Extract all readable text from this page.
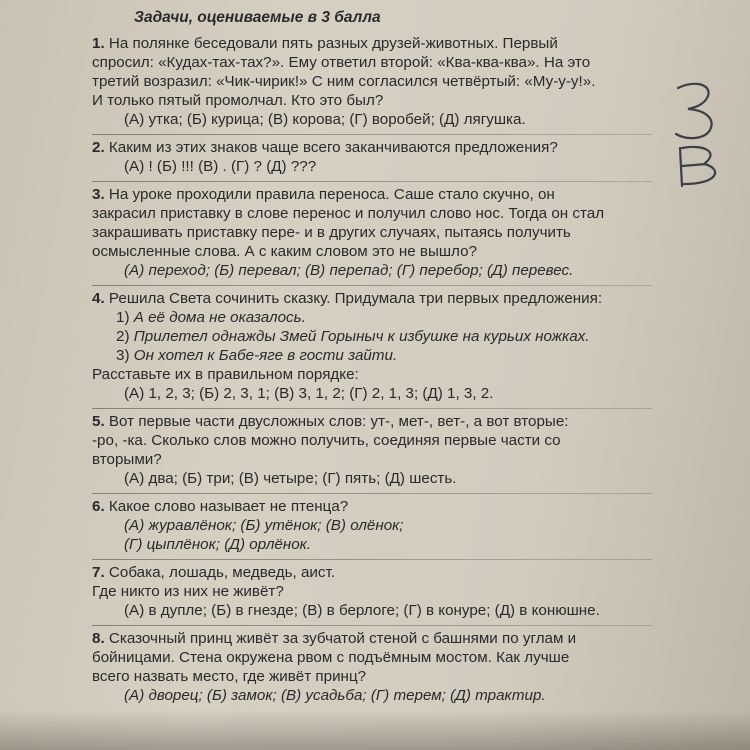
Задачи, оцениваемые в 3 балла
1. На полянке беседовали пять разных друзей-животных. Первый
спросил: «Кудах-тах-тах?». Ему ответил второй: «Ква-ква-ква». На это
третий возразил: «Чик-чирик!» С ним согласился четвёртый: «Му-у-у!».
И только пятый промолчал. Кто это был?
(А) утка; (Б) курица; (В) корова; (Г) воробей; (Д) лягушка.
2. Каким из этих знаков чаще всего заканчиваются предложения?
(А) ! (Б) !!! (В) . (Г) ? (Д) ???
3. На уроке проходили правила переноса. Саше стало скучно, он
закрасил приставку в слове перенос и получил слово нос. Тогда он стал
закрашивать приставку пере- и в других случаях, пытаясь получить
осмысленные слова. А с каким словом это не вышло?
(А) переход; (Б) перевал; (В) перепад; (Г) перебор; (Д) перевес.
4. Решила Света сочинить сказку. Придумала три первых предложения:
1) А её дома не оказалось.
2) Прилетел однажды Змей Горыныч к избушке на курьих ножках.
3) Он хотел к Бабе-яге в гости зайти.
Расставьте их в правильном порядке:
(А) 1, 2, 3; (Б) 2, 3, 1; (В) 3, 1, 2; (Г) 2, 1, 3; (Д) 1, 3, 2.
5. Вот первые части двусложных слов: ут-, мет-, вет-, а вот вторые:
-ро, -ка. Сколько слов можно получить, соединяя первые части со
вторыми?
(А) два; (Б) три; (В) четыре; (Г) пять; (Д) шесть.
6. Какое слово называет не птенца?
(А) журавлёнок; (Б) утёнок; (В) олёнок;
(Г) цыплёнок; (Д) орлёнок.
7. Собака, лошадь, медведь, аист.
Где никто из них не живёт?
(А) в дупле; (Б) в гнезде; (В) в берлоге; (Г) в конуре; (Д) в конюшне.
8. Сказочный принц живёт за зубчатой стеной с башнями по углам и
бойницами. Стена окружена рвом с подъёмным мостом. Как лучше
всего назвать место, где живёт принц?
(А) дворец; (Б) замок; (В) усадьба; (Г) терем; (Д) трактир.
